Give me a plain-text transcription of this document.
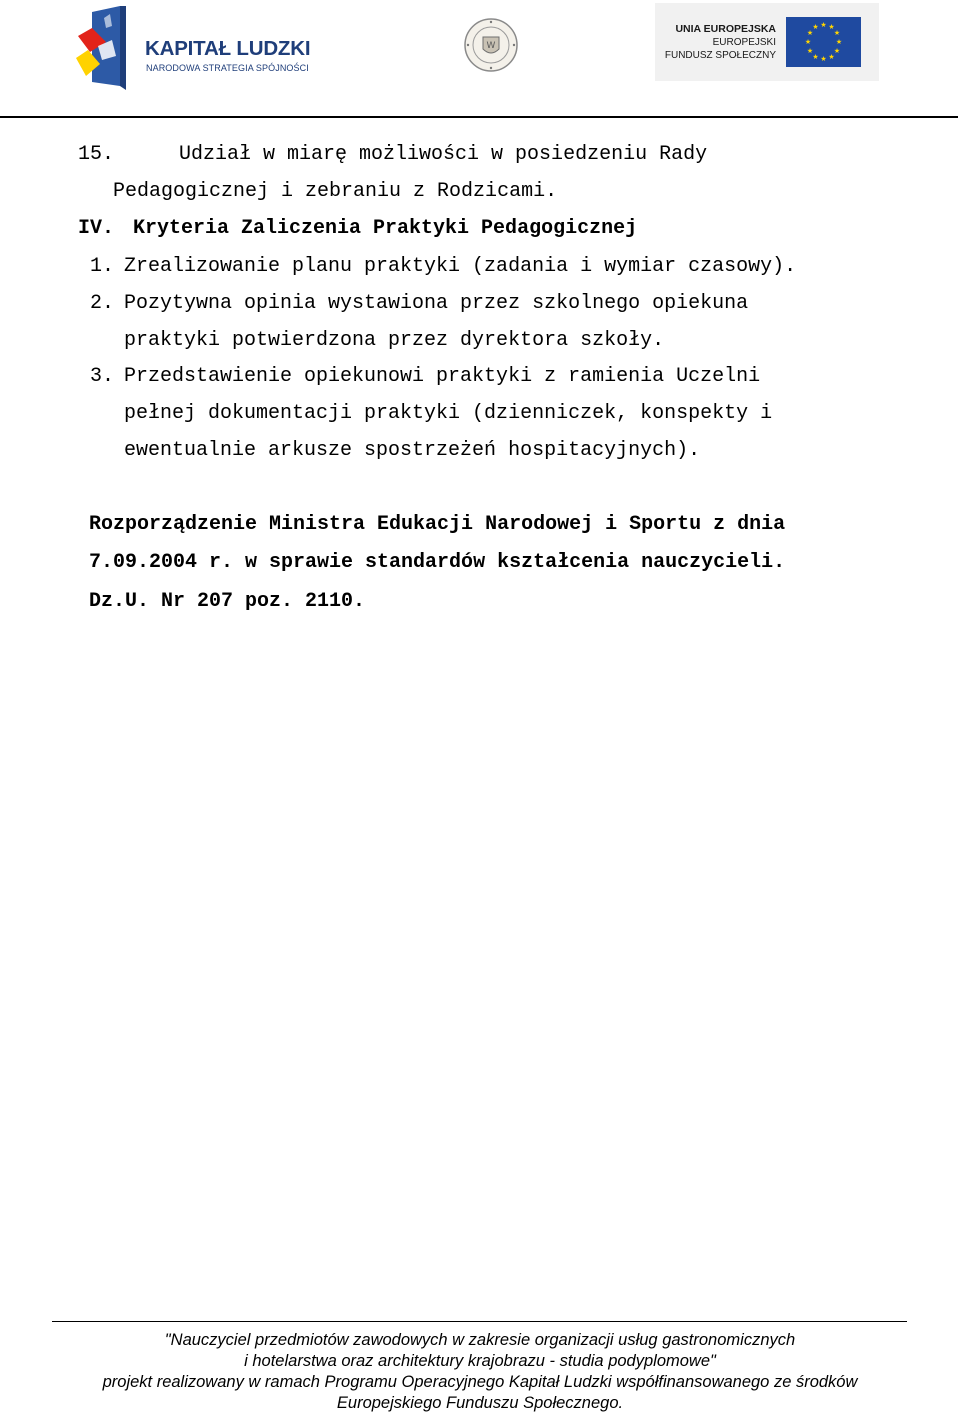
KAPITAŁ LUDZKI
NARODOWA STRATEGIA SPÓJNOŚCI
W
UNIA EUROPEJSKA
EUROPEJSKI
FUNDUSZ SPOŁECZNY
★ ★
★
★
★
★
★
★
★
★
★
★
15.	Udział w miarę możliwości w posiedzeniu Rady
Pedagogicznej i zebraniu z Rodzicami.
IV. Kryteria Zaliczenia Praktyki Pedagogicznej
1. Zrealizowanie planu praktyki (zadania i wymiar czasowy).
2. Pozytywna opinia wystawiona przez szkolnego opiekuna
praktyki potwierdzona przez dyrektora szkoły.
3. Przedstawienie opiekunowi praktyki z ramienia Uczelni
pełnej dokumentacji praktyki (dzienniczek, konspekty i
ewentualnie arkusze spostrzeżeń hospitacyjnych).
Rozporządzenie Ministra Edukacji Narodowej i Sportu z dnia
7.09.2004 r. w sprawie standardów kształcenia nauczycieli.
Dz.U. Nr 207 poz. 2110.
"Nauczyciel przedmiotów zawodowych w zakresie organizacji usług gastronomicznych
i hotelarstwa oraz architektury krajobrazu - studia podyplomowe"
projekt realizowany w ramach Programu Operacyjnego Kapitał Ludzki współfinansowanego ze środków
Europejskiego Funduszu Społecznego.
